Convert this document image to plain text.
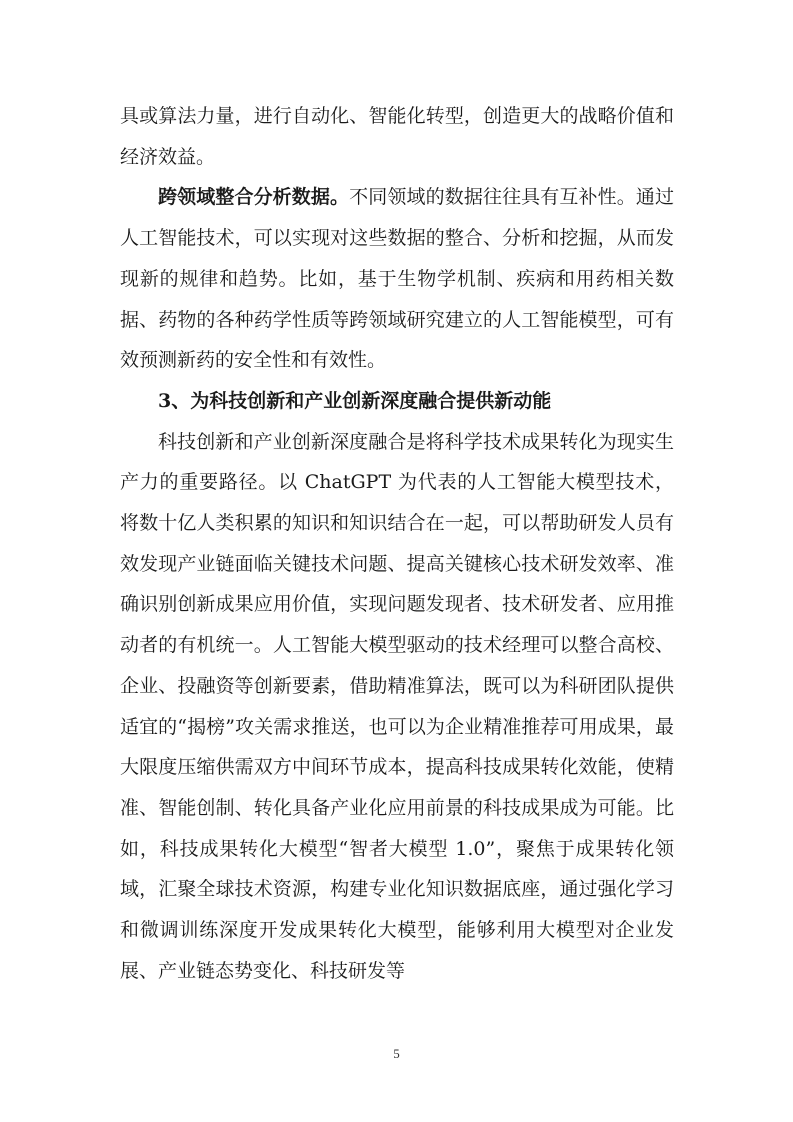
具或算法力量，进行自动化、智能化转型，创造更大的战略价值和经济效益。

跨领域整合分析数据。不同领域的数据往往具有互补性。通过人工智能技术，可以实现对这些数据的整合、分析和挖掘，从而发现新的规律和趋势。比如，基于生物学机制、疾病和用药相关数据、药物的各种药学性质等跨领域研究建立的人工智能模型，可有效预测新药的安全性和有效性。

3、为科技创新和产业创新深度融合提供新动能

科技创新和产业创新深度融合是将科学技术成果转化为现实生产力的重要路径。以 ChatGPT 为代表的人工智能大模型技术，将数十亿人类积累的知识和知识结合在一起，可以帮助研发人员有效发现产业链面临关键技术问题、提高关键核心技术研发效率、准确识别创新成果应用价值，实现问题发现者、技术研发者、应用推动者的有机统一。人工智能大模型驱动的技术经理可以整合高校、企业、投融资等创新要素，借助精准算法，既可以为科研团队提供适宜的“揭榜”攻关需求推送，也可以为企业精准推荐可用成果，最大限度压缩供需双方中间环节成本，提高科技成果转化效能，使精准、智能创制、转化具备产业化应用前景的科技成果成为可能。比如，科技成果转化大模型“智者大模型 1.0”，聚焦于成果转化领域，汇聚全球技术资源，构建专业化知识数据底座，通过强化学习和微调训练深度开发成果转化大模型，能够利用大模型对企业发展、产业链态势变化、科技研发等

5
